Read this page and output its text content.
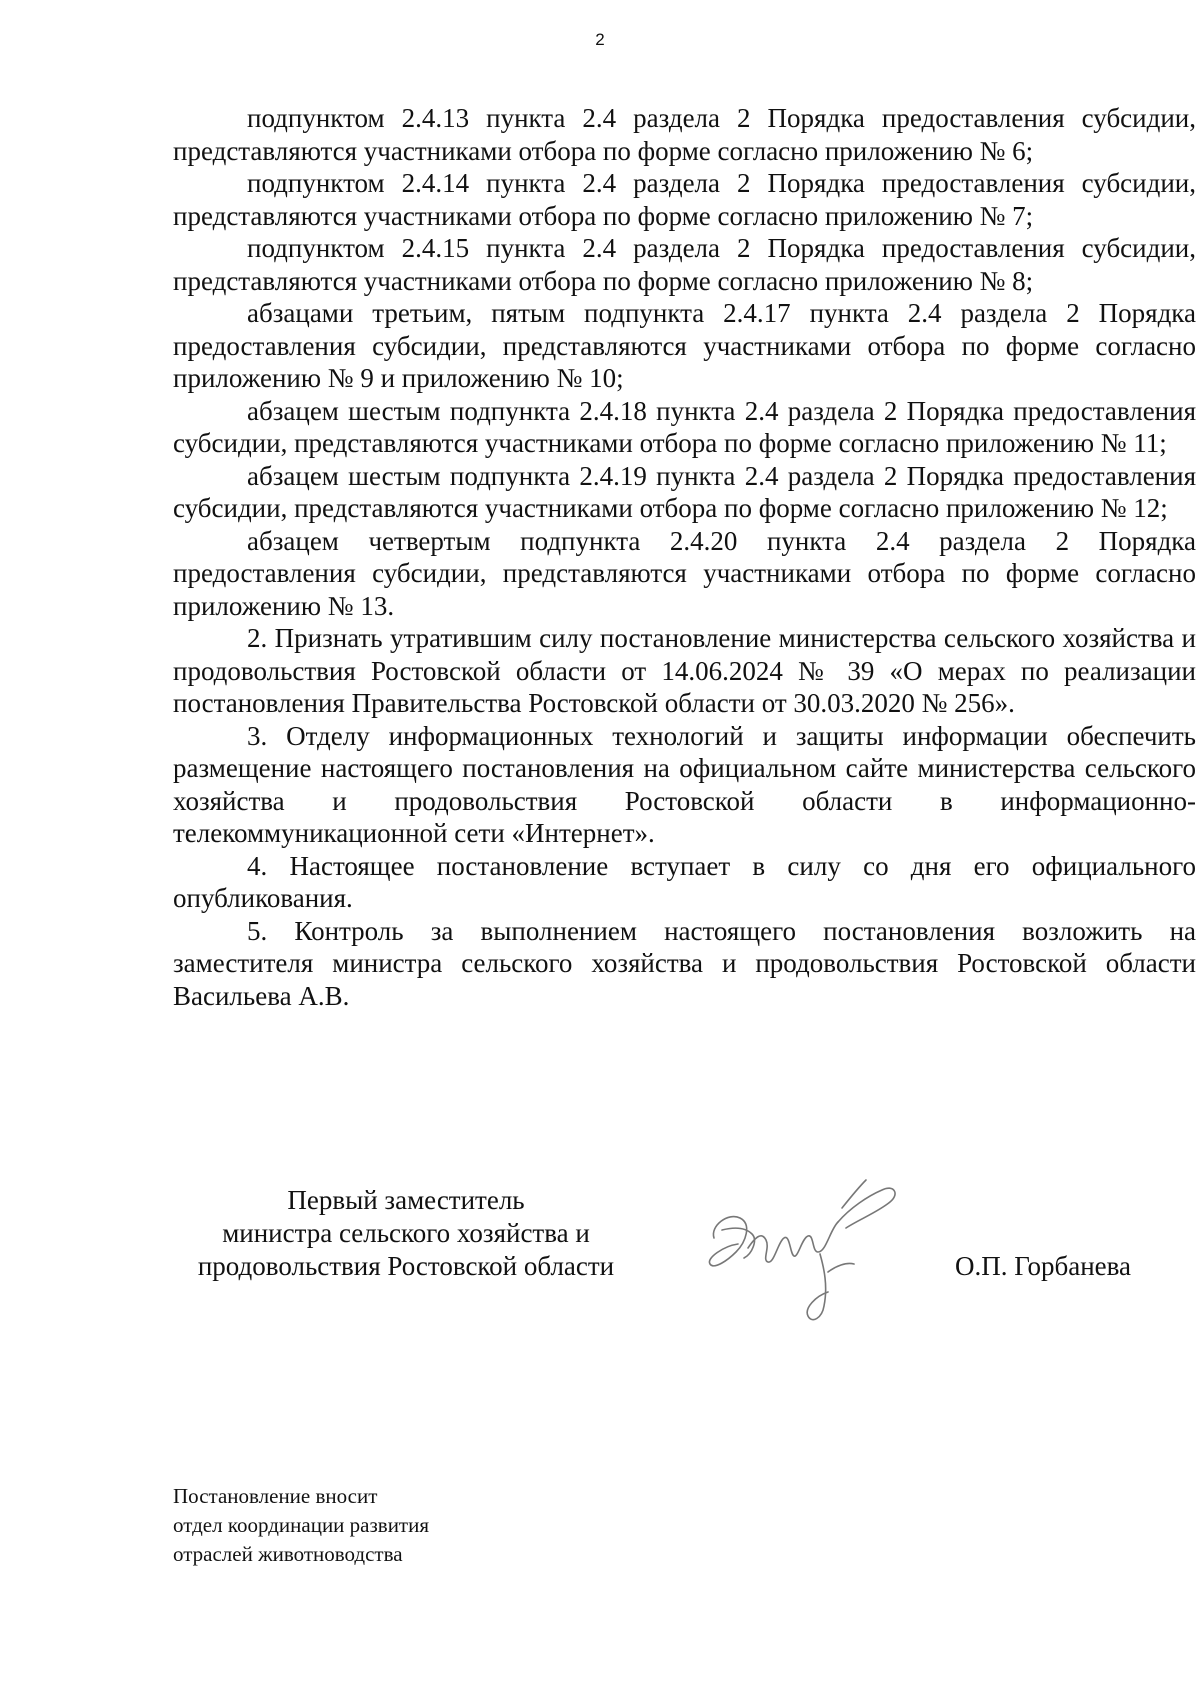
2

подпунктом 2.4.13 пункта 2.4 раздела 2 Порядка предоставления субсидии, представляются участниками отбора по форме согласно приложению № 6;

подпунктом 2.4.14 пункта 2.4 раздела 2 Порядка предоставления субсидии, представляются участниками отбора по форме согласно приложению № 7;

подпунктом 2.4.15 пункта 2.4 раздела 2 Порядка предоставления субсидии, представляются участниками отбора по форме согласно приложению № 8;

абзацами третьим, пятым подпункта 2.4.17 пункта 2.4 раздела 2 Порядка предоставления субсидии, представляются участниками отбора по форме согласно приложению № 9 и приложению № 10;

абзацем шестым подпункта 2.4.18 пункта 2.4 раздела 2 Порядка предоставления субсидии, представляются участниками отбора по форме согласно приложению № 11;

абзацем шестым подпункта 2.4.19 пункта 2.4 раздела 2 Порядка предоставления субсидии, представляются участниками отбора по форме согласно приложению № 12;

абзацем четвертым подпункта 2.4.20 пункта 2.4 раздела 2 Порядка предоставления субсидии, представляются участниками отбора по форме согласно приложению № 13.

2. Признать утратившим силу постановление министерства сельского хозяйства и продовольствия Ростовской области от 14.06.2024 № 39 «О мерах по реализации постановления Правительства Ростовской области от 30.03.2020 № 256».

3. Отделу информационных технологий и защиты информации обеспечить размещение настоящего постановления на официальном сайте министерства сельского хозяйства и продовольствия Ростовской области в информационно-телекоммуникационной сети «Интернет».

4. Настоящее постановление вступает в силу со дня его официального опубликования.

5. Контроль за выполнением настоящего постановления возложить на заместителя министра сельского хозяйства и продовольствия Ростовской области Васильева А.В.

Первый заместитель
министра сельского хозяйства и
продовольствия Ростовской области	О.П. Горбанева
Постановление вносит
отдел координации развития
отраслей животноводства
